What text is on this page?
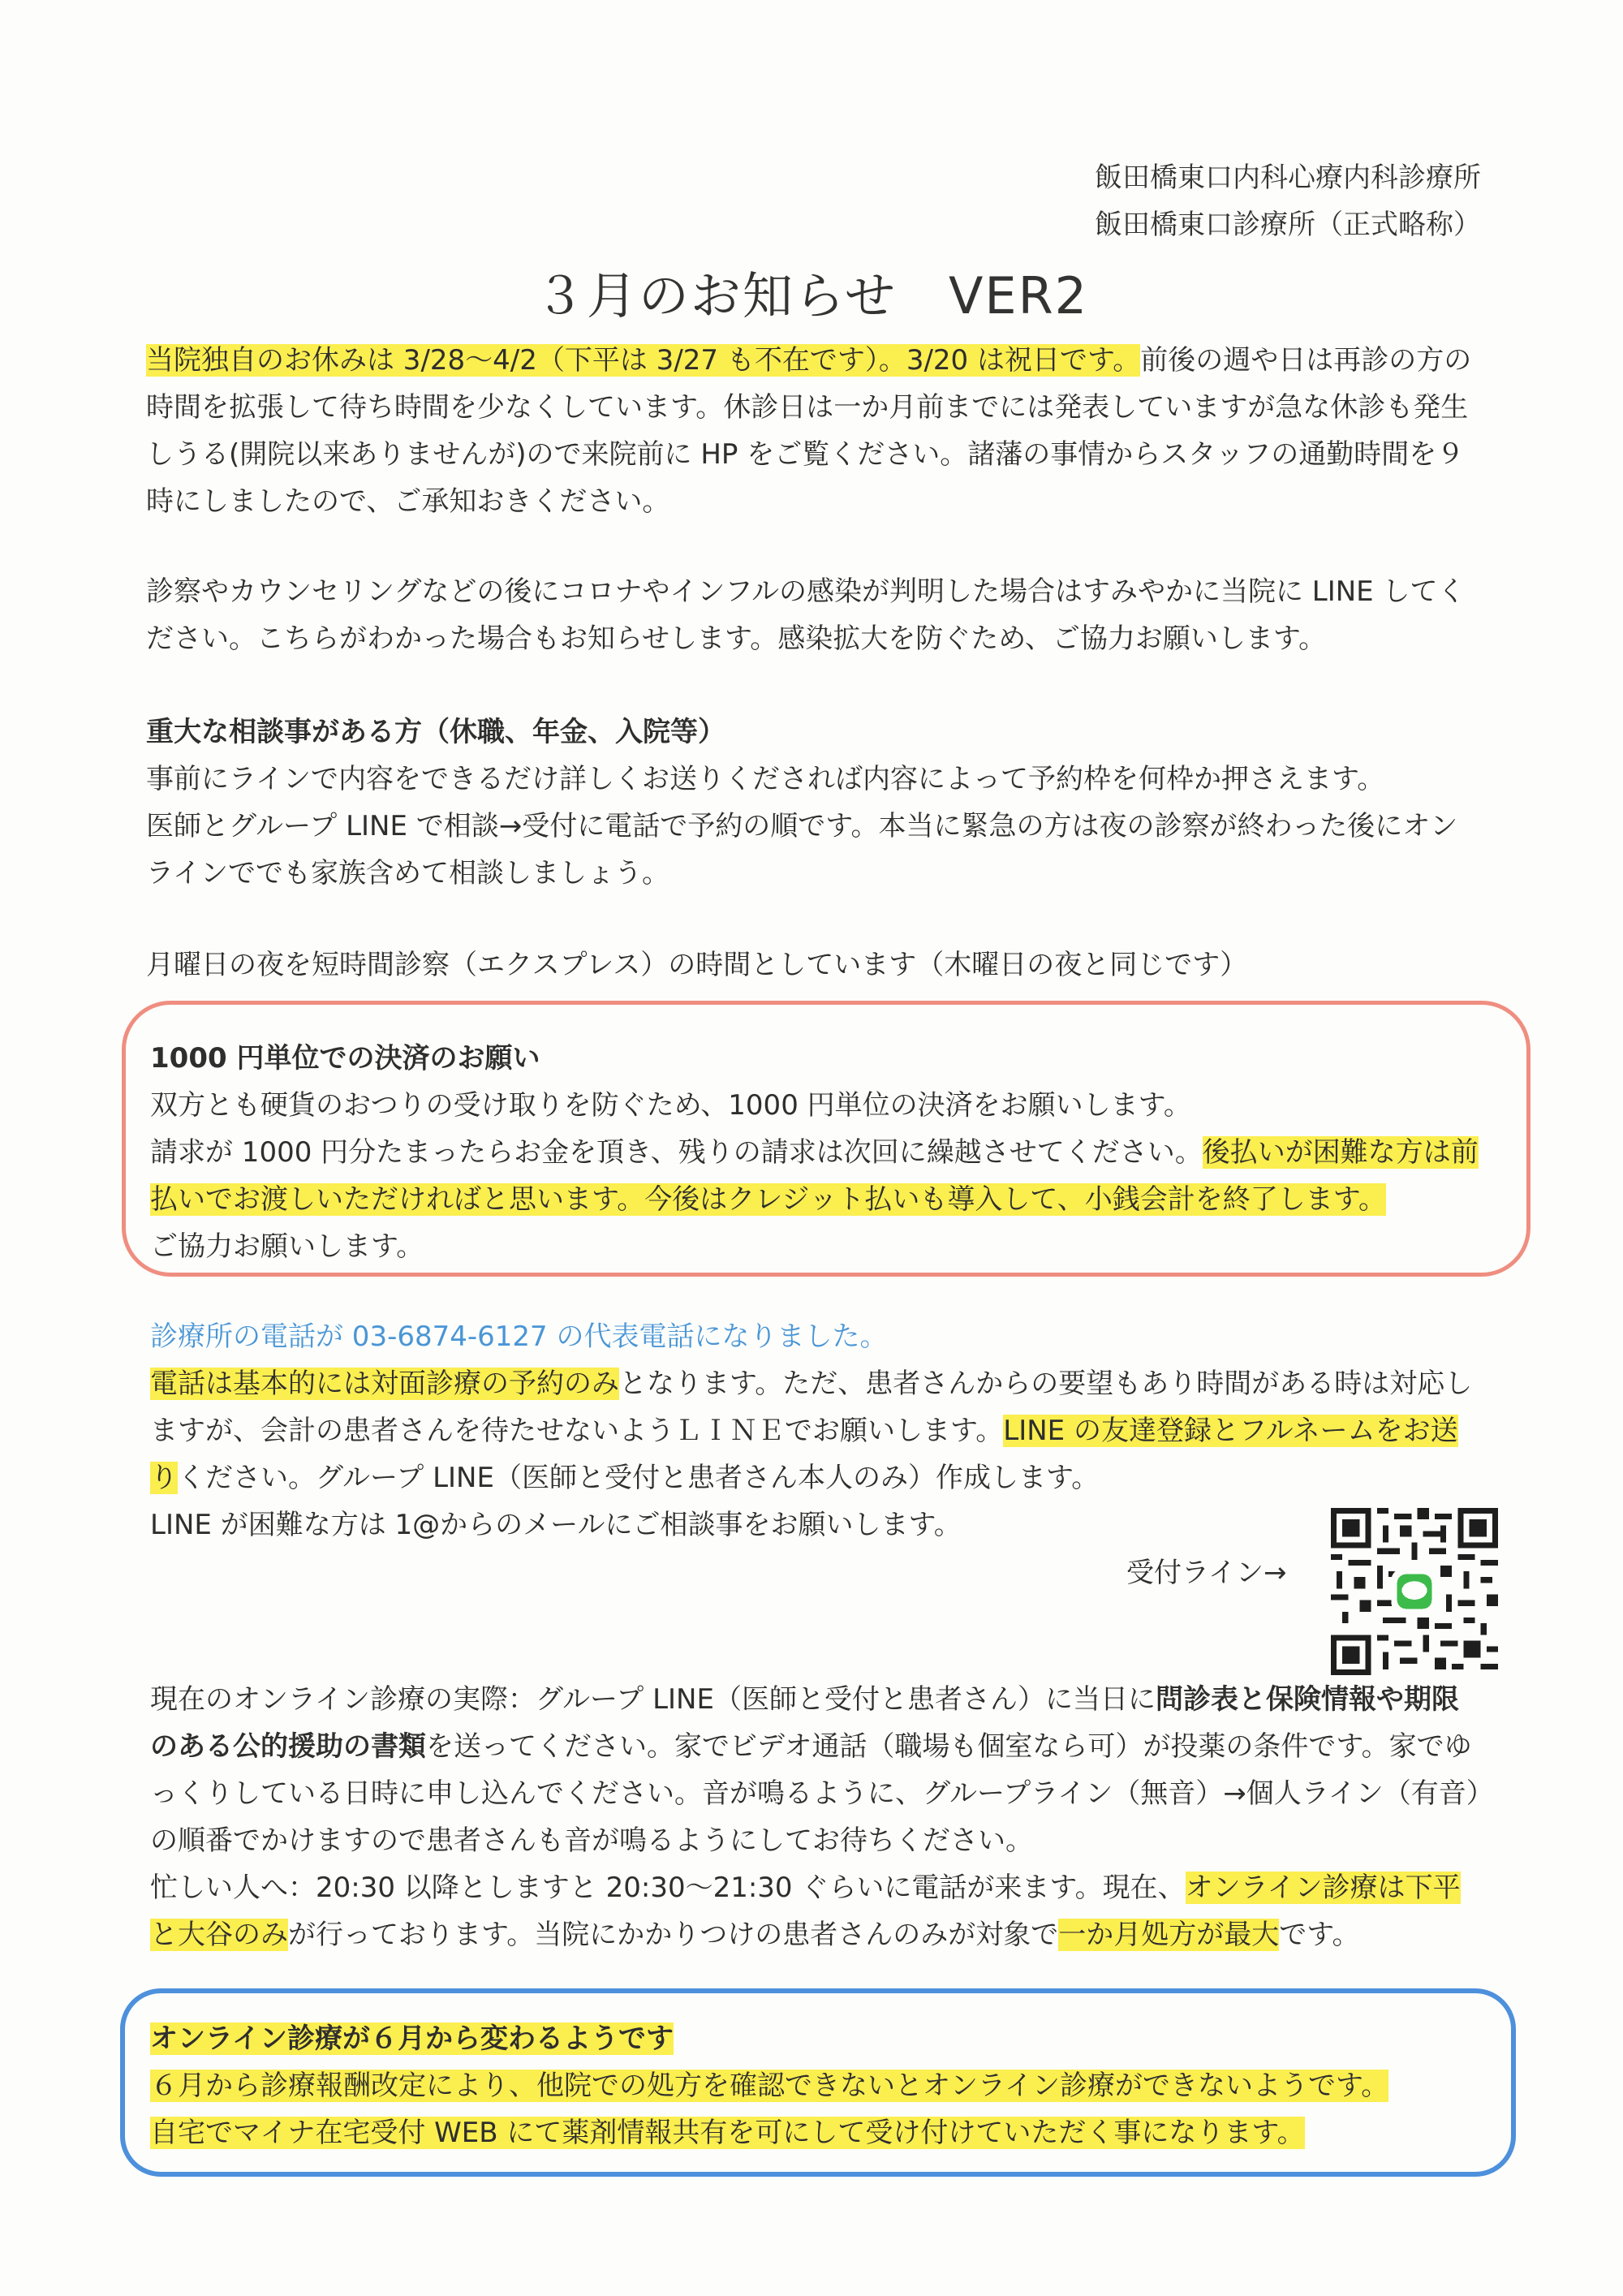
飯田橋東口内科心療内科診療所
飯田橋東口診療所（正式略称）
３月のお知らせ　VER2
当院独自のお休みは 3/28～4/2（下平は 3/27 も不在です）。3/20 は祝日です。前後の週や日は再診の方の時間を拡張して待ち時間を少なくしています。休診日は一か月前までには発表していますが急な休診も発生しうる(開院以来ありませんが)ので来院前に HP をご覧ください。諸藩の事情からスタッフの通勤時間を９時にしましたので、ご承知おきください。
診察やカウンセリングなどの後にコロナやインフルの感染が判明した場合はすみやかに当院に LINE してください。こちらがわかった場合もお知らせします。感染拡大を防ぐため、ご協力お願いします。
重大な相談事がある方（休職、年金、入院等）
事前にラインで内容をできるだけ詳しくお送りくだされば内容によって予約枠を何枠か押さえます。
医師とグループ LINE で相談→受付に電話で予約の順です。本当に緊急の方は夜の診察が終わった後にオンラインででも家族含めて相談しましょう。
月曜日の夜を短時間診察（エクスプレス）の時間としています（木曜日の夜と同じです）
1000 円単位での決済のお願い
双方とも硬貨のおつりの受け取りを防ぐため、1000 円単位の決済をお願いします。
請求が 1000 円分たまったらお金を頂き、残りの請求は次回に繰越させてください。後払いが困難な方は前払いでお渡しいただければと思います。今後はクレジット払いも導入して、小銭会計を終了します。
ご協力お願いします。
診療所の電話が 03-6874-6127 の代表電話になりました。
電話は基本的には対面診療の予約のみとなります。ただ、患者さんからの要望もあり時間がある時は対応しますが、会計の患者さんを待たせないようＬＩＮＥでお願いします。LINE の友達登録とフルネームをお送りください。グループ LINE（医師と受付と患者さん本人のみ）作成します。
LINE が困難な方は 1@からのメールにご相談事をお願いします。
受付ライン→
現在のオンライン診療の実際：グループ LINE（医師と受付と患者さん）に当日に問診表と保険情報や期限のある公的援助の書類を送ってください。家でビデオ通話（職場も個室なら可）が投薬の条件です。家でゆっくりしている日時に申し込んでください。音が鳴るように、グループライン（無音）→個人ライン（有音）の順番でかけますので患者さんも音が鳴るようにしてお待ちください。
忙しい人へ：20:30 以降としますと 20:30～21:30 ぐらいに電話が来ます。現在、オンライン診療は下平と大谷のみが行っております。当院にかかりつけの患者さんのみが対象で一か月処方が最大です。
オンライン診療が６月から変わるようです
６月から診療報酬改定により、他院での処方を確認できないとオンライン診療ができないようです。
自宅でマイナ在宅受付 WEB にて薬剤情報共有を可にして受け付けていただく事になります。
